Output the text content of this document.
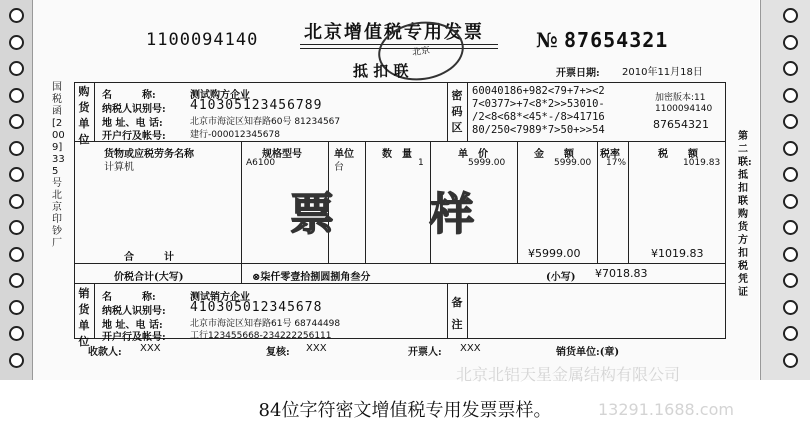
1100094140	北京增值税专用发票
北京
抵 扣 联
№ 87654321
开票日期: 2010年11月18日
国税函[2009]335号北京印钞厂
第二联: 抵扣联 购货方扣税凭证
购货单位
名　　　称:	测试购方企业
纳税人识别号: 410305123456789
地 址、电 话:	北京市海淀区知春路60号 81234567
开户行及帐号:	建行-000012345678
密码区
60040186+982<79+7+><2
7<0377>+7<8*2>>53010-
/2<8<68*<45*-/8>41716
80/250<7989*7>50+>>54
加密版本:11
1100094140
87654321
货物或应税劳务名称	规格型号	单位	数　量	单　价	金　　额	税率	税　　额
计算机	A6100	台	1	5999.00	5999.00 17%	1019.83
合　　　计	¥5999.00	¥1019.83
票 样
价税合计(大写)	⊗柒仟零壹拾捌圆捌角叁分	(小写) ¥7018.83
销货单位
名　　　称:	测试销方企业
纳税人识别号: 410305012345678
地 址、电 话:	北京市海淀区知春路61号 68744498
开户行及帐号:	工行123455668-234222256111
备注
收款人: XXX	复核: XXX	开票人: XXX	销货单位:(章)
北京北铝天星金属结构有限公司
13291.1688.com
84位字符密文增值税专用发票票样。
